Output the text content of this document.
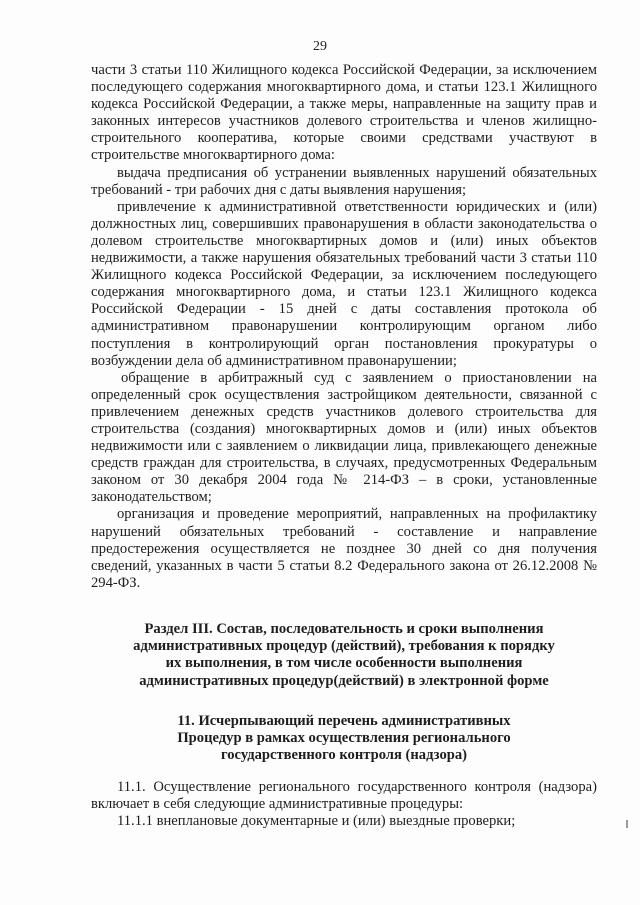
29

части 3 статьи 110 Жилищного кодекса Российской Федерации, за исключением последующего содержания многоквартирного дома, и статьи 123.1 Жилищного кодекса Российской Федерации, а также меры, направленные на защиту прав и законных интересов участников долевого строительства и членов жилищно-строительного кооператива, которые своими средствами участвуют в строительстве многоквартирного дома:

выдача предписания об устранении выявленных нарушений обязательных требований - три рабочих дня с даты выявления нарушения;

привлечение к административной ответственности юридических и (или) должностных лиц, совершивших правонарушения в области законодательства о долевом строительстве многоквартирных домов и (или) иных объектов недвижимости, а также нарушения обязательных требований части 3 статьи 110 Жилищного кодекса Российской Федерации, за исключением последующего содержания многоквартирного дома, и статьи 123.1 Жилищного кодекса Российской Федерации - 15 дней с даты составления протокола об административном правонарушении контролирующим органом либо поступления в контролирующий орган постановления прокуратуры о возбуждении дела об административном правонарушении;

обращение в арбитражный суд с заявлением о приостановлении на определенный срок осуществления застройщиком деятельности, связанной с привлечением денежных средств участников долевого строительства для строительства (создания) многоквартирных домов и (или) иных объектов недвижимости или с заявлением о ликвидации лица, привлекающего денежные средств граждан для строительства, в случаях, предусмотренных Федеральным законом от 30 декабря 2004 года № 214-ФЗ – в сроки, установленные законодательством;

организация и проведение мероприятий, направленных на профилактику нарушений обязательных требований - составление и направление предостережения осуществляется не позднее 30 дней со дня получения сведений, указанных в части 5 статьи 8.2 Федерального закона от 26.12.2008 № 294-ФЗ.

Раздел III. Состав, последовательность и сроки выполнения
административных процедур (действий), требования к порядку
их выполнения, в том числе особенности выполнения
административных процедур(действий) в электронной форме
11. Исчерпывающий перечень административных
Процедур в рамках осуществления регионального
государственного контроля (надзора)

11.1. Осуществление регионального государственного контроля (надзора) включает в себя следующие административные процедуры:

11.1.1 внеплановые документарные и (или) выездные проверки;
